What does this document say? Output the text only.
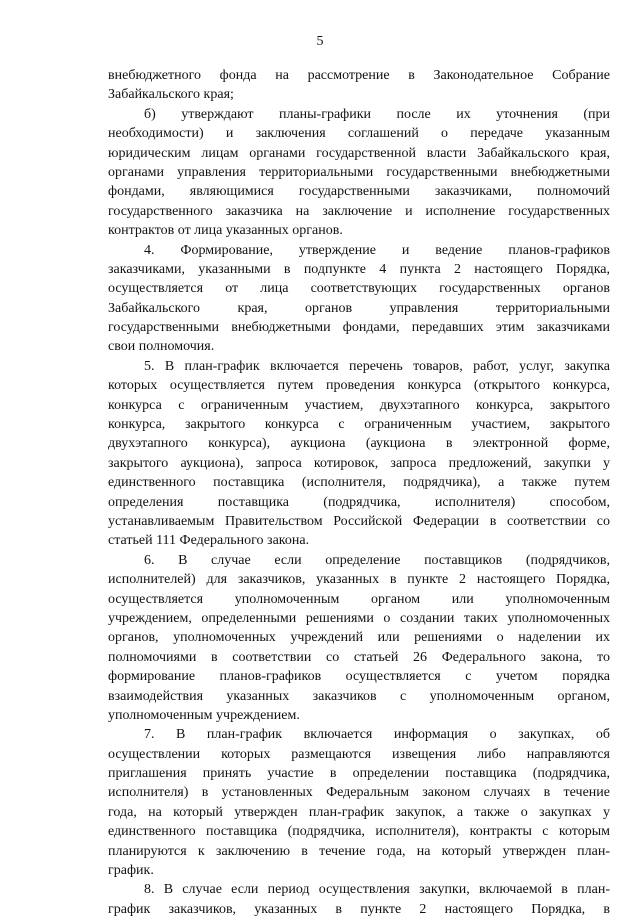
5
внебюджетного фонда на рассмотрение в Законодательное Собрание
Забайкальского края;
б) утверждают планы-графики после их уточнения (при
необходимости) и заключения соглашений о передаче указанным
юридическим лицам органами государственной власти Забайкальского края,
органами управления территориальными государственными внебюджетными
фондами, являющимися государственными заказчиками, полномочий
государственного заказчика на заключение и исполнение государственных
контрактов от лица указанных органов.
4. Формирование, утверждение и ведение планов-графиков
заказчиками, указанными в подпункте 4 пункта 2 настоящего Порядка,
осуществляется от лица соответствующих государственных органов
Забайкальского края, органов управления территориальными
государственными внебюджетными фондами, передавших этим заказчиками
свои полномочия.
5. В план-график включается перечень товаров, работ, услуг, закупка
которых осуществляется путем проведения конкурса (открытого конкурса,
конкурса с ограниченным участием, двухэтапного конкурса, закрытого
конкурса, закрытого конкурса с ограниченным участием, закрытого
двухэтапного конкурса), аукциона (аукциона в электронной форме,
закрытого аукциона), запроса котировок, запроса предложений, закупки у
единственного поставщика (исполнителя, подрядчика), а также путем
определения поставщика (подрядчика, исполнителя) способом,
устанавливаемым Правительством Российской Федерации в соответствии со
статьей 111 Федерального закона.
6. В случае если определение поставщиков (подрядчиков,
исполнителей) для заказчиков, указанных в пункте 2 настоящего Порядка,
осуществляется уполномоченным органом или уполномоченным
учреждением, определенными решениями о создании таких уполномоченных
органов, уполномоченных учреждений или решениями о наделении их
полномочиями в соответствии со статьей 26 Федерального закона, то
формирование планов-графиков осуществляется с учетом порядка
взаимодействия указанных заказчиков с уполномоченным органом,
уполномоченным учреждением.
7. В план-график включается информация о закупках, об
осуществлении которых размещаются извещения либо направляются
приглашения принять участие в определении поставщика (подрядчика,
исполнителя) в установленных Федеральным законом случаях в течение
года, на который утвержден план-график закупок, а также о закупках у
единственного поставщика (подрядчика, исполнителя), контракты с которым
планируются к заключению в течение года, на который утвержден план-
график.
8. В случае если период осуществления закупки, включаемой в план-
график заказчиков, указанных в пункте 2 настоящего Порядка, в
